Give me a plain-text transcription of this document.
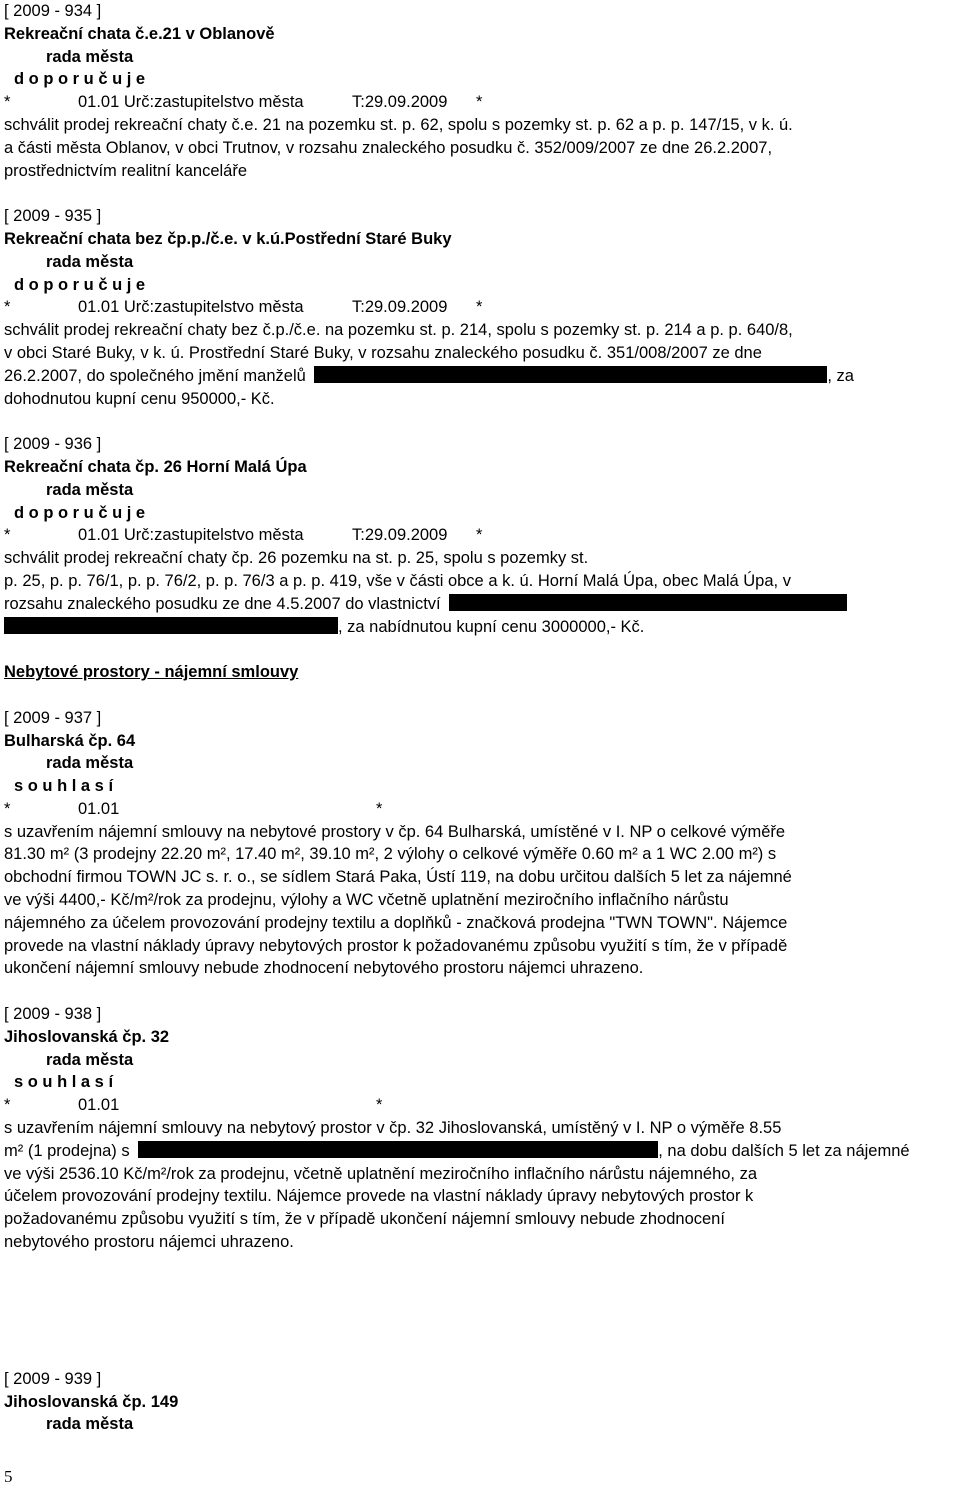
[ 2009 - 934 ]
Rekreační chata č.e.21 v Oblanově
rada města
d o p o r u č u j e
*	01.01 Urč:zastupitelstvo města	T:29.09.2009	*
schválit prodej rekreační chaty č.e. 21 na pozemku st. p. 62, spolu s pozemky st. p. 62 a p. p. 147/15, v k. ú.
a části města Oblanov, v obci Trutnov, v rozsahu znaleckého posudku č. 352/009/2007 ze dne 26.2.2007,
prostřednictvím realitní kanceláře
[ 2009 - 935 ]
Rekreační chata bez čp.p./č.e. v k.ú.Postřední Staré Buky
rada města
d o p o r u č u j e
*	01.01 Urč:zastupitelstvo města	T:29.09.2009	*
schválit prodej rekreační chaty bez č.p./č.e. na pozemku st. p. 214, spolu s pozemky st. p. 214 a p. p. 640/8,
v obci Staré Buky, v k. ú. Prostřední Staré Buky, v rozsahu znaleckého posudku č. 351/008/2007 ze dne
26.2.2007, do společného jmění manželů	, za
dohodnutou kupní cenu 950000,- Kč.
[ 2009 - 936 ]
Rekreační chata čp. 26 Horní Malá Úpa
rada města
d o p o r u č u j e
*	01.01 Urč:zastupitelstvo města	T:29.09.2009	*
schválit prodej rekreační chaty čp. 26 pozemku na st. p. 25, spolu s pozemky st.
p. 25, p. p. 76/1, p. p. 76/2, p. p. 76/3 a p. p. 419, vše v části obce a k. ú. Horní Malá Úpa, obec Malá Úpa, v
rozsahu znaleckého posudku ze dne 4.5.2007 do vlastnictví
, za nabídnutou kupní cenu 3000000,- Kč.
Nebytové prostory - nájemní smlouvy
[ 2009 - 937 ]
Bulharská čp. 64
rada města
s o u h l a s í
*	01.01	*
s uzavřením nájemní smlouvy na nebytové prostory v čp. 64 Bulharská, umístěné v I. NP o celkové výměře
81.30 m² (3 prodejny 22.20 m², 17.40 m², 39.10 m², 2 výlohy o celkové výměře 0.60 m² a 1 WC 2.00 m²) s
obchodní firmou TOWN JC s. r. o., se sídlem Stará Paka, Ústí 119, na dobu určitou dalších 5 let za nájemné
ve výši 4400,- Kč/m²/rok za prodejnu, výlohy a WC včetně uplatnění meziročního inflačního nárůstu
nájemného za účelem provozování prodejny textilu a doplňků - značková prodejna "TWN TOWN". Nájemce
provede na vlastní náklady úpravy nebytových prostor k požadovanému způsobu využití s tím, že v případě
ukončení nájemní smlouvy nebude zhodnocení nebytového prostoru nájemci uhrazeno.
[ 2009 - 938 ]
Jihoslovanská čp. 32
rada města
s o u h l a s í
*	01.01	*
s uzavřením nájemní smlouvy na nebytový prostor v čp. 32 Jihoslovanská, umístěný v I. NP o výměře 8.55
m² (1 prodejna) s	, na dobu dalších 5 let za nájemné
ve výši 2536.10 Kč/m²/rok za prodejnu, včetně uplatnění meziročního inflačního nárůstu nájemného, za
účelem provozování prodejny textilu. Nájemce provede na vlastní náklady úpravy nebytových prostor k
požadovanému způsobu využití s tím, že v případě ukončení nájemní smlouvy nebude zhodnocení
nebytového prostoru nájemci uhrazeno.
[ 2009 - 939 ]
Jihoslovanská čp. 149
rada města
5
